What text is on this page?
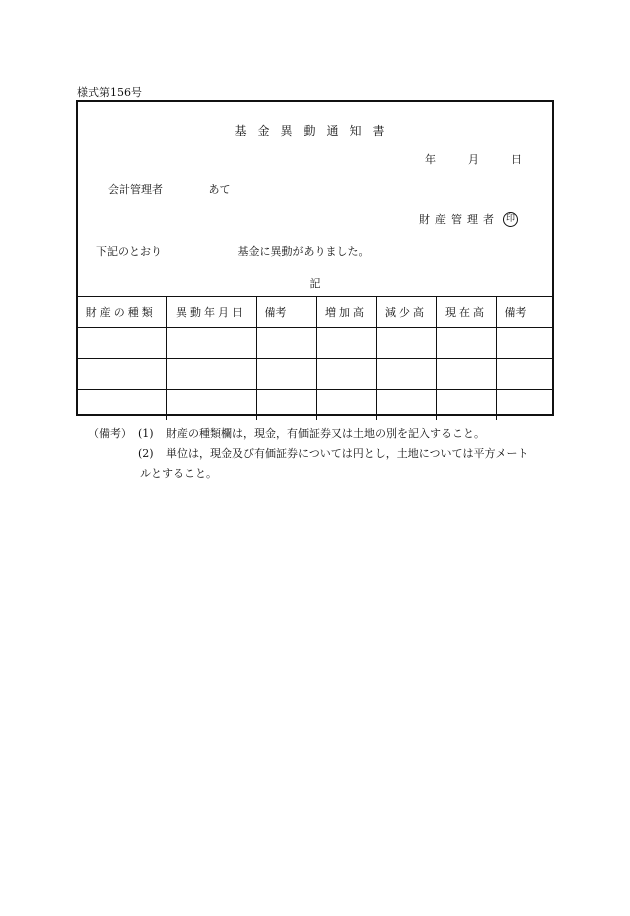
様式第156号
基金異動通知書
年	月	日
会計管理者	あて
財産管理者 印
下記のとおり	基金に異動がありました。
記
財産の種類	異動年月日	備考	増加高	減少高	現在高	備考

（備考） (1)	財産の種類欄は，現金，有価証券又は土地の別を記入すること。
(2)	単位は，現金及び有価証券については円とし，土地については平方メート
ルとすること。
